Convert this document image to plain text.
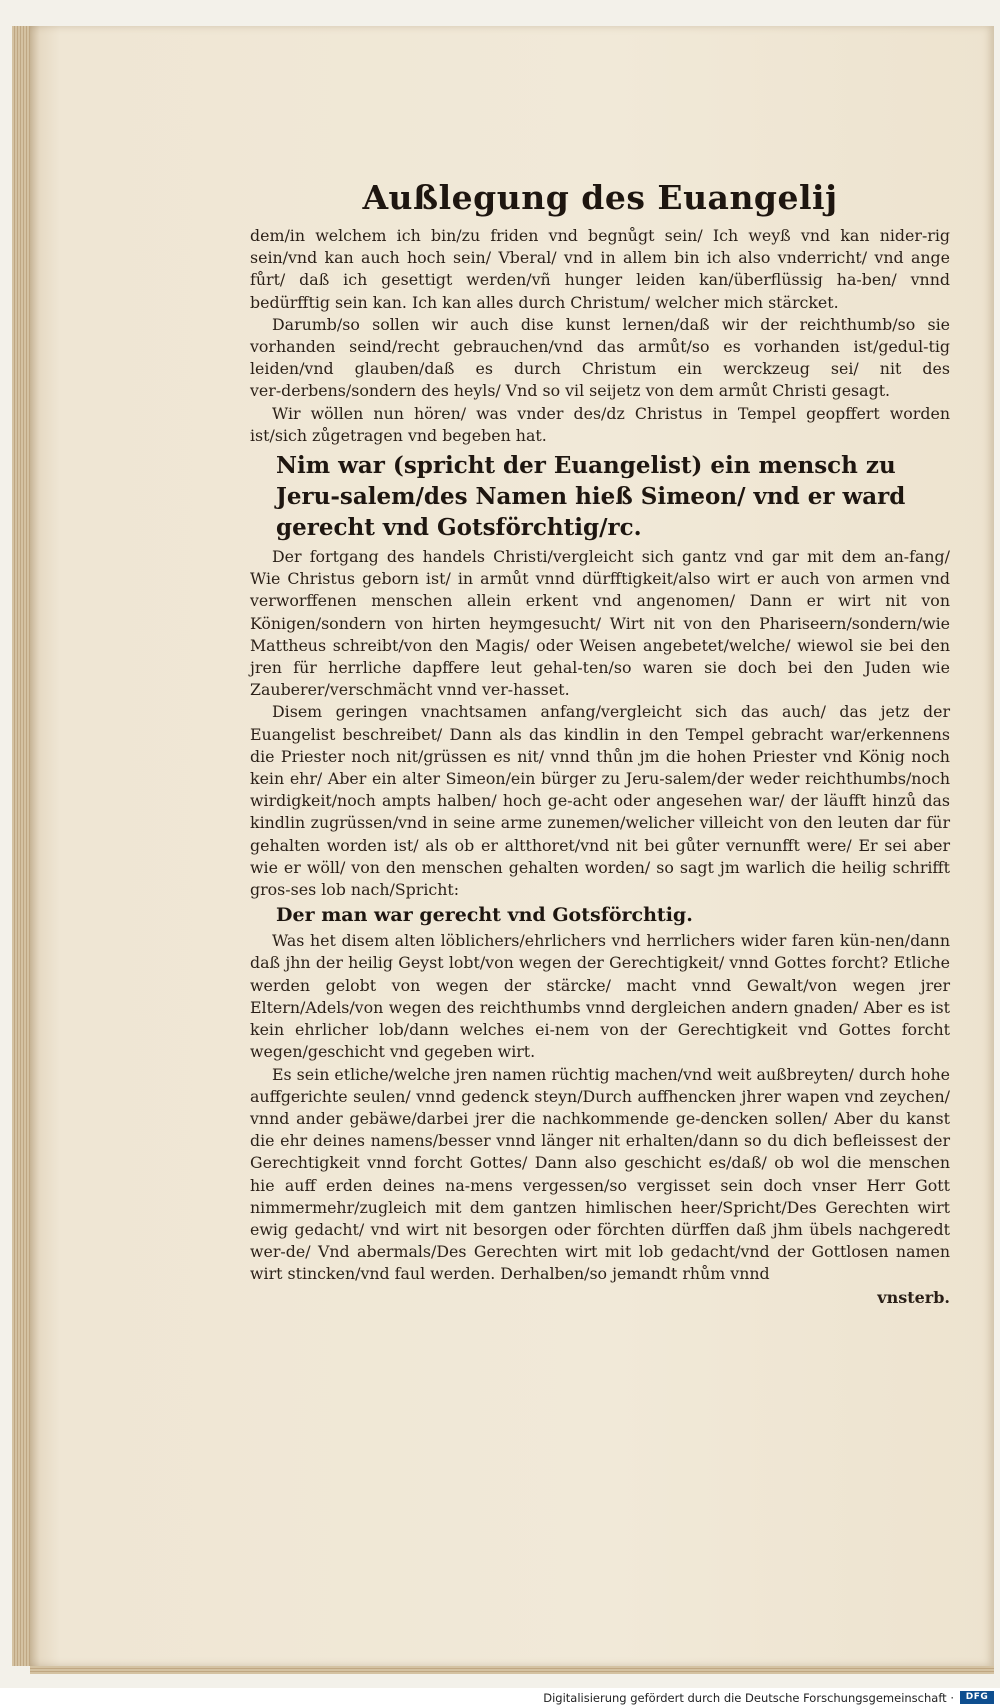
Außlegung des Euangelij

dem/in welchem ich bin/zu friden vnd begnůgt sein/ Ich weyß vnd kan nider‑rig sein/vnd kan auch hoch sein/ Vberal/ vnd in allem bin ich also vnderricht/ vnd ange fůrt/ daß ich gesettigt werden/vñ hunger leiden kan/überflüssig ha‑ben/ vnnd bedürfftig sein kan. Ich kan alles durch Christum/ welcher mich stärcket.

Darumb/so sollen wir auch dise kunst lernen/daß wir der reichthumb/so sie vorhanden seind/recht gebrauchen/vnd das armůt/so es vorhanden ist/gedul‑tig leiden/vnd glauben/daß es durch Christum ein werckzeug sei/ nit des ver‑derbens/sondern des heyls/ Vnd so vil seijetz von dem armůt Christi gesagt.

Wir wöllen nun hören/ was vnder des/dz Christus in Tempel geopffert worden ist/sich zůgetragen vnd begeben hat.

Nim war (spricht der Euangelist) ein mensch zu Jeru‑salem/des Namen hieß Simeon/ vnd er ward gerecht vnd Gotsförchtig/rc.

Der fortgang des handels Christi/vergleicht sich gantz vnd gar mit dem an‑fang/ Wie Christus geborn ist/ in armůt vnnd dürfftigkeit/also wirt er auch von armen vnd verworffenen menschen allein erkent vnd angenomen/ Dann er wirt nit von Königen/sondern von hirten heymgesucht/ Wirt nit von den Phariseern/sondern/wie Mattheus schreibt/von den Magis/ oder Weisen angebetet/welche/ wiewol sie bei den jren für herrliche dapffere leut gehal‑ten/so waren sie doch bei den Juden wie Zauberer/verschmächt vnnd ver‑hasset.

Disem geringen vnachtsamen anfang/vergleicht sich das auch/ das jetz der Euangelist beschreibet/ Dann als das kindlin in den Tempel gebracht war/erkennens die Priester noch nit/grüssen es nit/ vnnd thůn jm die hohen Priester vnd König noch kein ehr/ Aber ein alter Simeon/ein bürger zu Jeru‑salem/der weder reichthumbs/noch wirdigkeit/noch ampts halben/ hoch ge‑acht oder angesehen war/ der läufft hinzů das kindlin zugrüssen/vnd in seine arme zunemen/welicher villeicht von den leuten dar für gehalten worden ist/ als ob er altthoret/vnd nit bei gůter vernunfft were/ Er sei aber wie er wöll/ von den menschen gehalten worden/ so sagt jm warlich die heilig schrifft gros‑ses lob nach/Spricht:

Der man war gerecht vnd Gotsförchtig.

Was het disem alten löblichers/ehrlichers vnd herrlichers wider faren kün‑nen/dann daß jhn der heilig Geyst lobt/von wegen der Gerechtigkeit/ vnnd Gottes forcht? Etliche werden gelobt von wegen der stärcke/ macht vnnd Gewalt/von wegen jrer Eltern/Adels/von wegen des reichthumbs vnnd dergleichen andern gnaden/ Aber es ist kein ehrlicher lob/dann welches ei‑nem von der Gerechtigkeit vnd Gottes forcht wegen/geschicht vnd gegeben wirt.

Es sein etliche/welche jren namen rüchtig machen/vnd weit außbreyten/ durch hohe auffgerichte seulen/ vnnd gedenck steyn/Durch auffhencken jhrer wapen vnd zeychen/ vnnd ander gebäwe/darbei jrer die nachkommende ge‑dencken sollen/ Aber du kanst die ehr deines namens/besser vnnd länger nit erhalten/dann so du dich befleissest der Gerechtigkeit vnnd forcht Gottes/ Dann also geschicht es/daß/ ob wol die menschen hie auff erden deines na‑mens vergessen/so vergisset sein doch vnser Herr Gott nimmermehr/zugleich mit dem gantzen himlischen heer/Spricht/Des Gerechten wirt ewig gedacht/ vnd wirt nit besorgen oder förchten dürffen daß jhm übels nachgeredt wer‑de/ Vnd abermals/Des Gerechten wirt mit lob gedacht/vnd der Gottlosen namen wirt stincken/vnd faul werden. Derhalben/so jemandt rhům vnnd

vnsterb.
Digitalisierung gefördert durch die Deutsche Forschungsgemeinschaft ·	DFG
